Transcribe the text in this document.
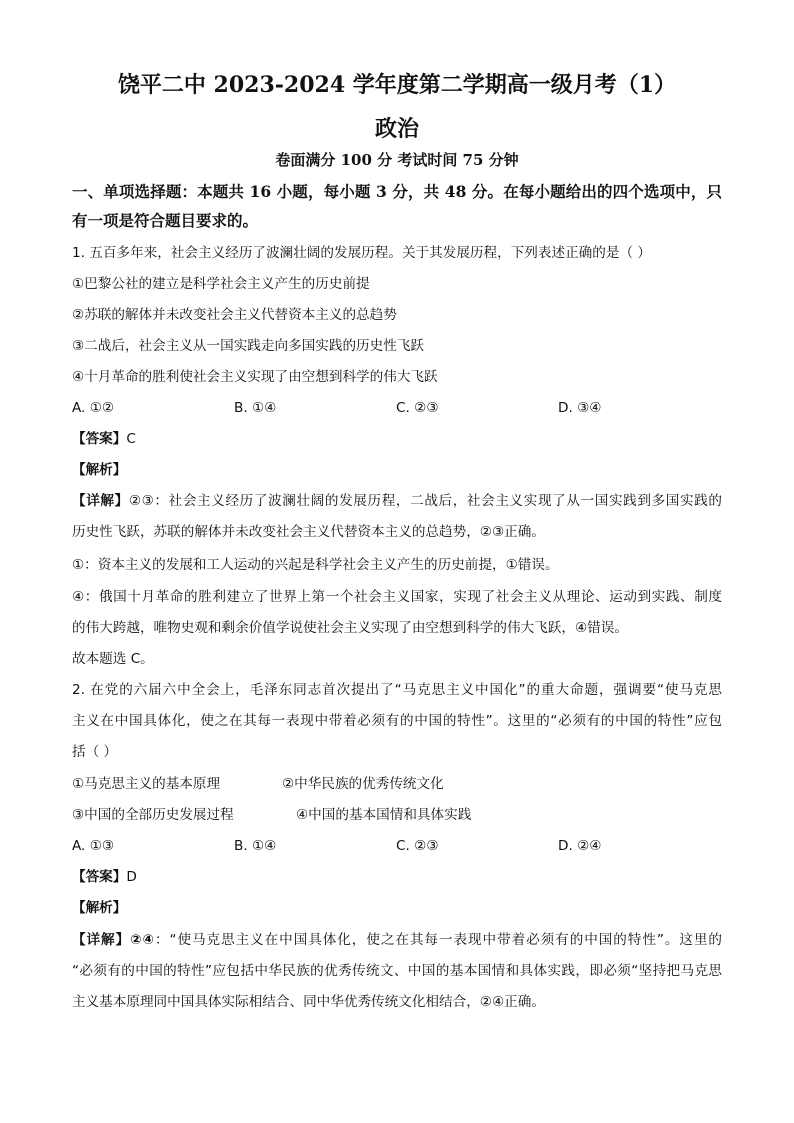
饶平二中 2023-2024 学年度第二学期高一级月考（1）
政治
卷面满分 100 分 考试时间 75 分钟
一、单项选择题：本题共 16 小题，每小题 3 分，共 48 分。在每小题给出的四个选项中，只
有一项是符合题目要求的。
1. 五百多年来，社会主义经历了波澜壮阔的发展历程。关于其发展历程，下列表述正确的是（ ）
①巴黎公社的建立是科学社会主义产生的历史前提
②苏联的解体并未改变社会主义代替资本主义的总趋势
③二战后，社会主义从一国实践走向多国实践的历史性飞跃
④十月革命的胜利使社会主义实现了由空想到科学的伟大飞跃
A. ①②	B. ①④	C. ②③	D. ③④
【答案】C
【解析】
【详解】②③：社会主义经历了波澜壮阔的发展历程，二战后，社会主义实现了从一国实践到多国实践的
历史性飞跃，苏联的解体并未改变社会主义代替资本主义的总趋势，②③正确。
①：资本主义的发展和工人运动的兴起是科学社会主义产生的历史前提，①错误。
④：俄国十月革命的胜利建立了世界上第一个社会主义国家，实现了社会主义从理论、运动到实践、制度
的伟大跨越，唯物史观和剩余价值学说使社会主义实现了由空想到科学的伟大飞跃，④错误。
故本题选 C。
2. 在党的六届六中全会上，毛泽东同志首次提出了“马克思主义中国化”的重大命题，强调要“使马克思
主义在中国具体化，使之在其每一表现中带着必须有的中国的特性”。这里的“必须有的中国的特性”应包
括（ ）
①马克思主义的基本原理	②中华民族的优秀传统文化
③中国的全部历史发展过程	④中国的基本国情和具体实践
A. ①③	B. ①④	C. ②③	D. ②④
【答案】D
【解析】
【详解】②④：“使马克思主义在中国具体化，使之在其每一表现中带着必须有的中国的特性”。这里的
“必须有的中国的特性”应包括中华民族的优秀传统文、中国的基本国情和具体实践，即必须“坚持把马克思
主义基本原理同中国具体实际相结合、同中华优秀传统文化相结合，②④正确。
